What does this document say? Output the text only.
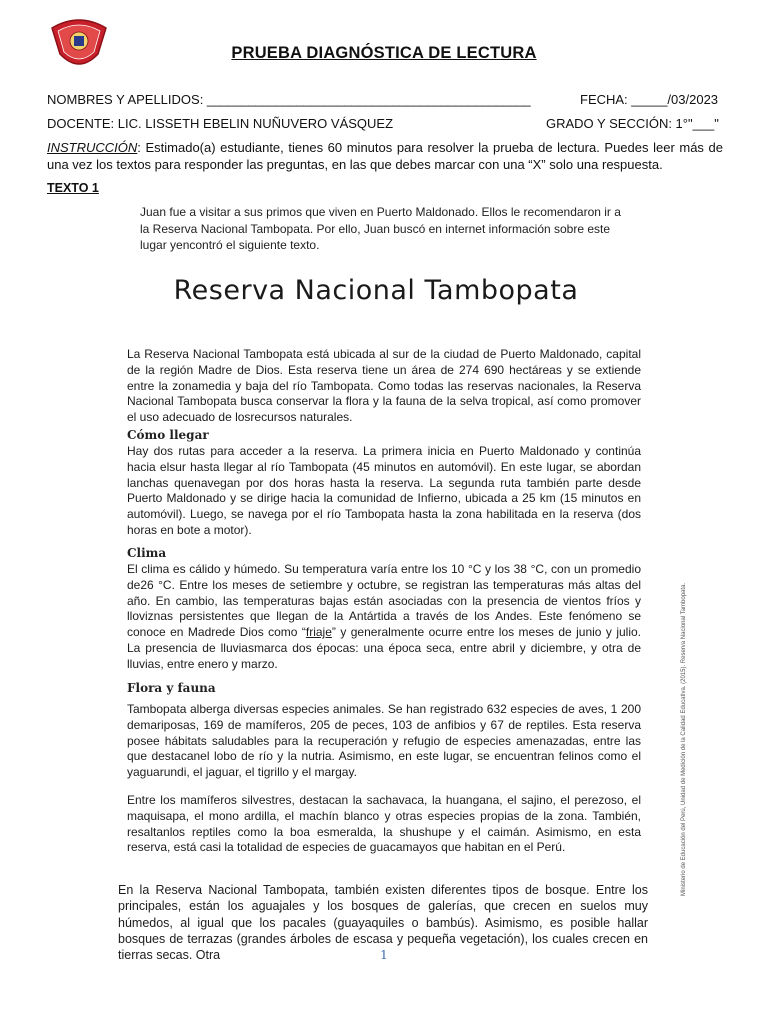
PRUEBA DIAGNÓSTICA DE LECTURA
NOMBRES Y APELLIDOS: _______________________________________________	FECHA: _____/03/2023
DOCENTE: LIC. LISSETH EBELIN NUÑUVERO VÁSQUEZ	GRADO Y SECCIÓN: 1°"___"
INSTRUCCIÓN: Estimado(a) estudiante, tienes 60 minutos para resolver la prueba de lectura. Puedes leer más de una vez los textos para responder las preguntas, en las que debes marcar con una “X” solo una respuesta.
TEXTO 1
Juan fue a visitar a sus primos que viven en Puerto Maldonado. Ellos le recomendaron ir a la Reserva Nacional Tambopata. Por ello, Juan buscó en internet información sobre este lugar yencontró el siguiente texto.
Reserva Nacional Tambopata
La Reserva Nacional Tambopata está ubicada al sur de la ciudad de Puerto Maldonado, capital de la región Madre de Dios. Esta reserva tiene un área de 274 690 hectáreas y se extiende entre la zonamedia y baja del río Tambopata. Como todas las reservas nacionales, la Reserva Nacional Tambopata busca conservar la flora y la fauna de la selva tropical, así como promover el uso adecuado de losrecursos naturales.
Cómo llegar
Hay dos rutas para acceder a la reserva. La primera inicia en Puerto Maldonado y continúa hacia elsur hasta llegar al río Tambopata (45 minutos en automóvil). En este lugar, se abordan lanchas quenavegan por dos horas hasta la reserva. La segunda ruta también parte desde Puerto Maldonado y se dirige hacia la comunidad de Infierno, ubicada a 25 km (15 minutos en automóvil). Luego, se navega por el río Tambopata hasta la zona habilitada en la reserva (dos horas en bote a motor).
Clima
El clima es cálido y húmedo. Su temperatura varía entre los 10 °C y los 38 °C, con un promedio de26 °C. Entre los meses de setiembre y octubre, se registran las temperaturas más altas del año. En cambio, las temperaturas bajas están asociadas con la presencia de vientos fríos y lloviznas persistentes que llegan de la Antártida a través de los Andes. Este fenómeno se conoce en Madrede Dios como “friaje” y generalmente ocurre entre los meses de junio y julio. La presencia de lluviasmarca dos épocas: una época seca, entre abril y diciembre, y otra de lluvias, entre enero y marzo.
Flora y fauna
Tambopata alberga diversas especies animales. Se han registrado 632 especies de aves, 1 200 demariposas, 169 de mamíferos, 205 de peces, 103 de anfibios y 67 de reptiles. Esta reserva posee hábitats saludables para la recuperación y refugio de especies amenazadas, entre las que destacanel lobo de río y la nutria. Asimismo, en este lugar, se encuentran felinos como el yaguarundi, el jaguar, el tigrillo y el margay.
Entre los mamíferos silvestres, destacan la sachavaca, la huangana, el sajino, el perezoso, el maquisapa, el mono ardilla, el machín blanco y otras especies propias de la zona. También, resaltanlos reptiles como la boa esmeralda, la shushupe y el caimán. Asimismo, en esta reserva, está casi la totalidad de especies de guacamayos que habitan en el Perú.
En la Reserva Nacional Tambopata, también existen diferentes tipos de bosque. Entre los principales, están los aguajales y los bosques de galerías, que crecen en suelos muy húmedos, al igual que los pacales (guayaquiles o bambús). Asimismo, es posible hallar bosques de terrazas (grandes árboles de escasa y pequeña vegetación), los cuales crecen en tierras secas. Otra	1
Ministerio de Educación del Perú, Unidad de Medición de la Calidad Educativa. (2015). Reserva Nacional Tambopata.
